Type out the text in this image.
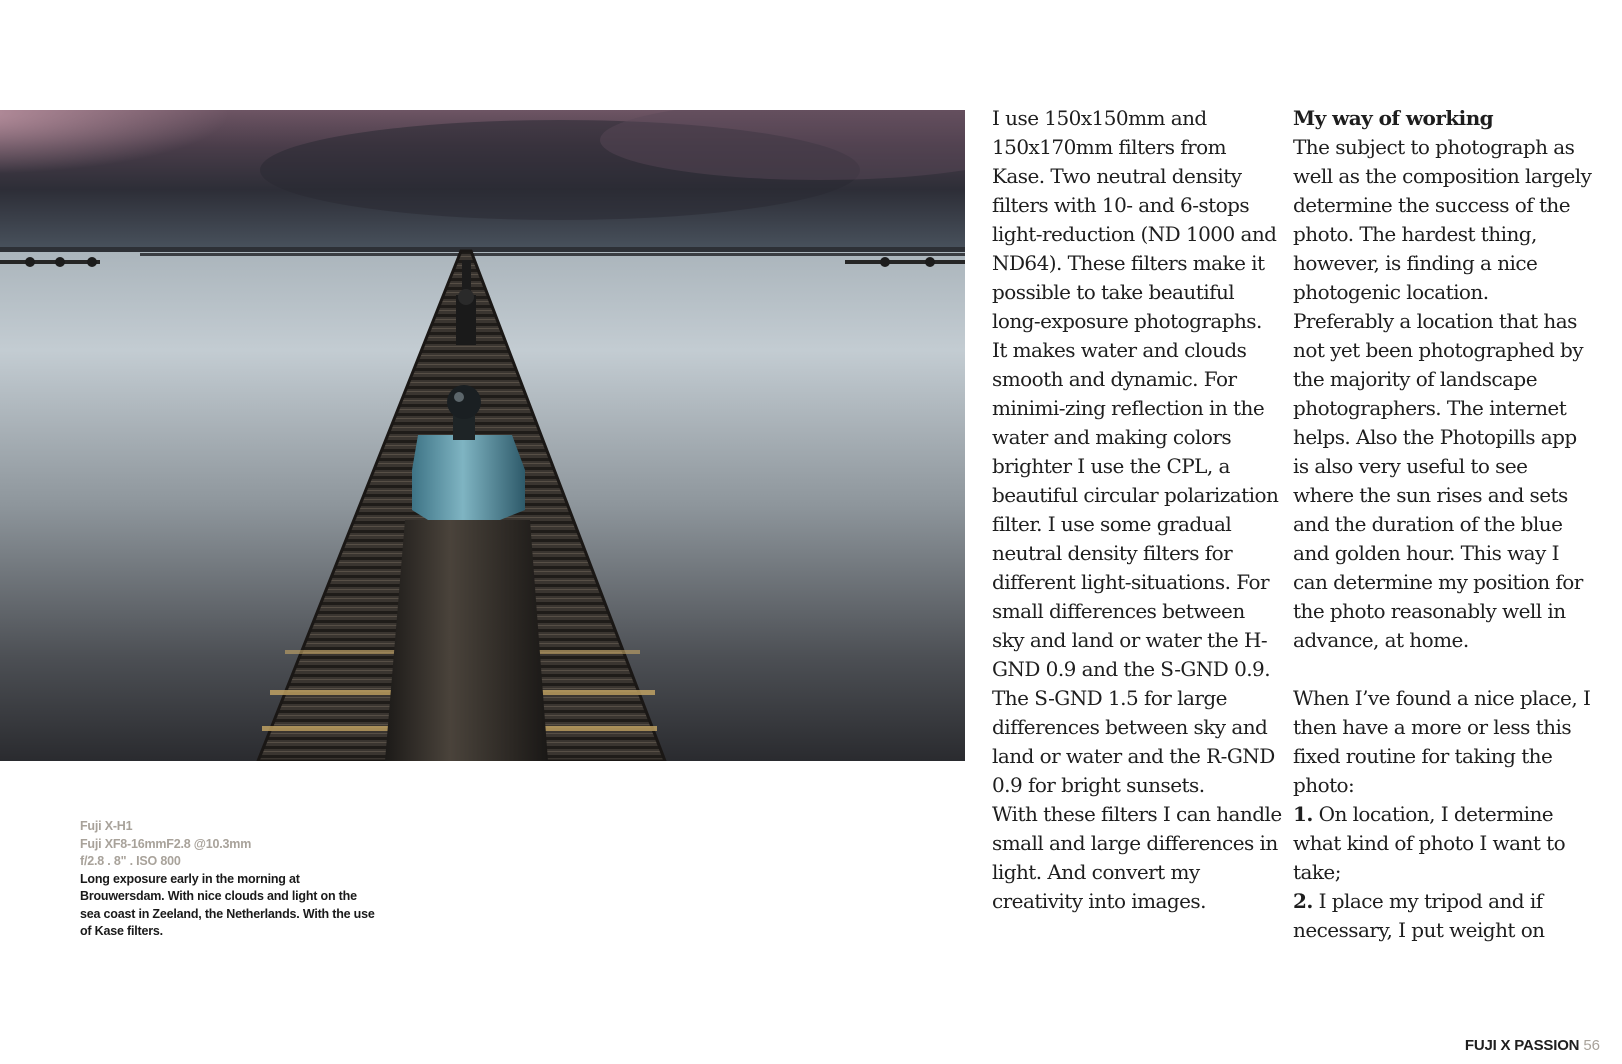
Fuji X-H1
Fuji XF8-16mmF2.8 @10.3mm
f/2.8 . 8" . ISO 800
Long exposure early in the morning at Brouwersdam. With nice clouds and light on the sea coast in Zeeland, the Netherlands. With the use of Kase filters.

I use 150x150mm and 150x170mm filters from Kase. Two neutral density filters with 10- and 6-stops light-reduction (ND 1000 and ND64). These filters make it possible to take beautiful long-exposure photographs. It makes water and clouds smooth and dynamic. For minimi-zing reflection in the water and making colors brighter I use the CPL, a beautiful circular polarization filter. I use some gradual neutral density filters for different light-situations. For small differences between sky and land or water the H-GND 0.9 and the S-GND 0.9. The S-GND 1.5 for large differences between sky and land or water and the R-GND 0.9 for bright sunsets.

With these filters I can handle small and large differences in light. And convert my creativity into images.

My way of working

The subject to photograph as well as the composition largely determine the success of the photo. The hardest thing, however, is finding a nice photogenic location. Preferably a location that has not yet been photographed by the majority of landscape photographers. The internet helps. Also the Photopills app is also very useful to see where the sun rises and sets and the duration of the blue and golden hour. This way I can determine my position for the photo reasonably well in advance, at home.

When I’ve found a nice place, I then have a more or less this fixed routine for taking the photo:

1. On location, I determine what kind of photo I want to take;

2. I place my tripod and if necessary, I put weight on

FUJI X PASSION 56
